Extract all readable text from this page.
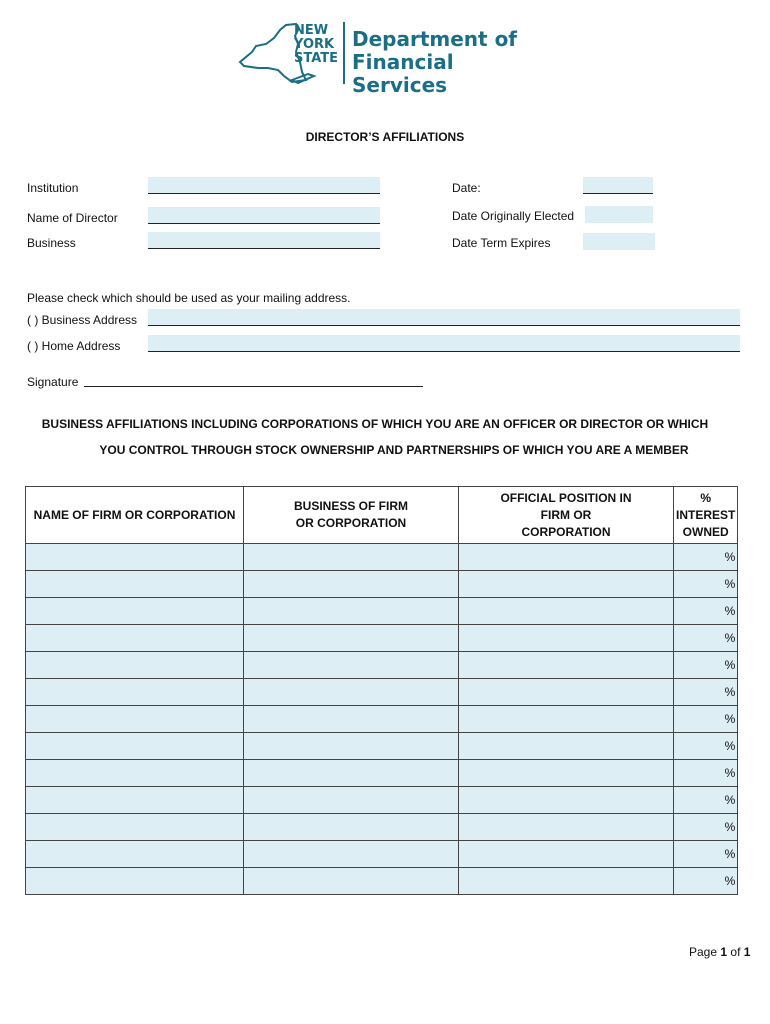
NEW
YORK
STATE
Department of
Financial Services
DIRECTOR’S AFFILIATIONS
Institution
Name of Director
Business
Date:
Date Originally Elected
Date Term Expires
Please check which should be used as your mailing address.
( ) Business Address
( ) Home Address
Signature
BUSINESS AFFILIATIONS INCLUDING CORPORATIONS OF WHICH YOU ARE AN OFFICER OR DIRECTOR OR WHICH
YOU CONTROL THROUGH STOCK OWNERSHIP AND PARTNERSHIPS OF WHICH YOU ARE A MEMBER
NAME OF FIRM OR CORPORATION	BUSINESS OF FIRM OR CORPORATION	OFFICIAL POSITION IN FIRM OR CORPORATION	% INTEREST OWNED
			%
			%
			%
			%
			%
			%
			%
			%
			%
			%
			%
			%
			%
Page 1 of 1
